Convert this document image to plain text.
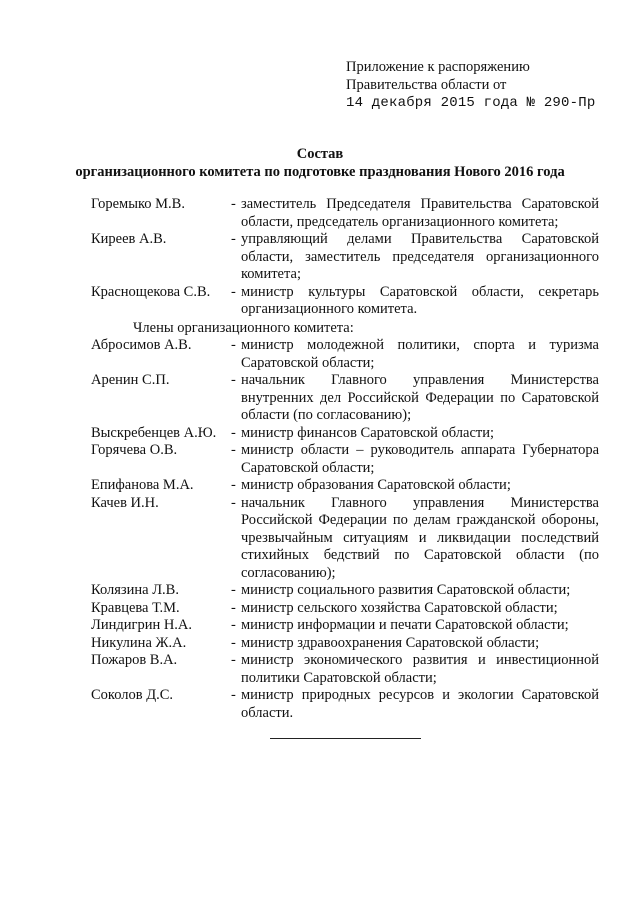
Приложение к распоряжению
Правительства области от
14 декабря 2015 года № 290-Пр
Состав
организационного комитета по подготовке празднования Нового 2016 года
Горемыко М.В.	- заместитель Председателя Правительства Саратовской области, председатель организационного комитета;
Киреев А.В.	- управляющий делами Правительства Саратовской области, заместитель председателя организационного комитета;
Краснощекова С.В.	- министр культуры Саратовской области, секретарь организационного комитета.
Члены организационного комитета:
Абросимов А.В.	- министр молодежной политики, спорта и туризма Саратовской области;
Аренин С.П.	- начальник Главного управления Министерства внутренних дел Российской Федерации по Саратовской области (по согласованию);
Выскребенцев А.Ю.	- министр финансов Саратовской области;
Горячева О.В.	- министр области – руководитель аппарата Губернатора Саратовской области;
Епифанова М.А.	- министр образования Саратовской области;
Качев И.Н.	- начальник Главного управления Министерства Российской Федерации по делам гражданской обороны, чрезвычайным ситуациям и ликвидации последствий стихийных бедствий по Саратовской области (по согласованию);
Колязина Л.В.	- министр социального развития Саратовской области;
Кравцева Т.М.	- министр сельского хозяйства Саратовской области;
Линдигрин Н.А.	- министр информации и печати Саратовской области;
Никулина Ж.А.	- министр здравоохранения Саратовской области;
Пожаров В.А.	- министр экономического развития и инвестиционной политики Саратовской области;
Соколов Д.С.	- министр природных ресурсов и экологии Саратовской области.
